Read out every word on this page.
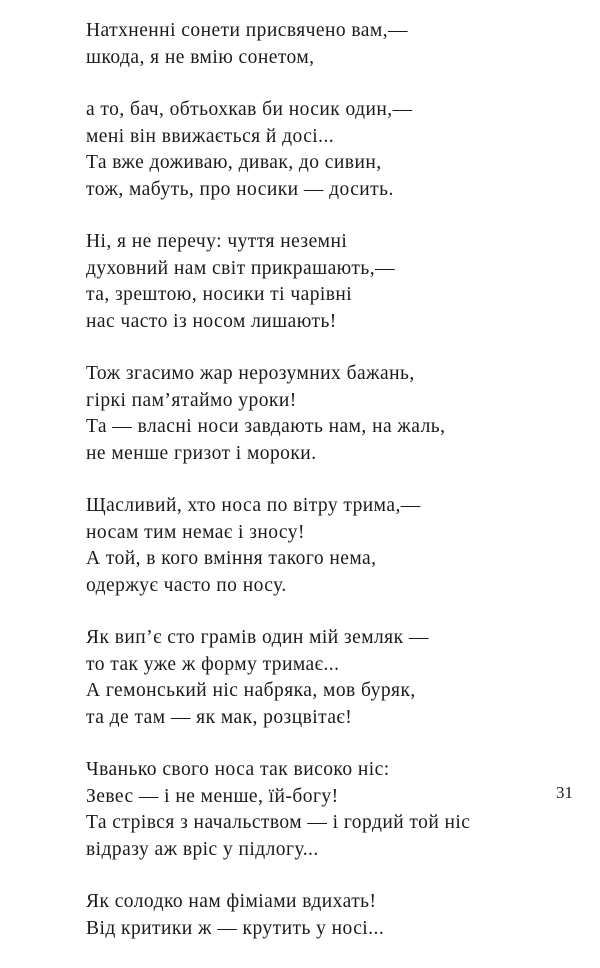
Натхненні сонети присвячено вам,—
шкода, я не вмію сонетом,
а то, бач, обтьохкав би носик один,—
мені він ввижається й досі...
Та вже доживаю, дивак, до сивин,
тож, мабуть, про носики — досить.
Ні, я не перечу: чуття неземні
духовний нам світ прикрашають,—
та, зрештою, носики ті чарівні
нас часто із носом лишають!
Тож згасимо жар нерозумних бажань,
гіркі пам’ятаймо уроки!
Та — власні носи завдають нам, на жаль,
не менше гризот і мороки.
Щасливий, хто носа по вітру трима,—
носам тим немає і зносу!
А той, в кого вміння такого нема,
одержує часто по носу.
Як вип’є сто грамів один мій земляк —
то так уже ж форму тримає...
А гемонський ніс набряка, мов буряк,
та де там — як мак, розцвітає!
Чванько свого носа так високо ніс:
Зевес — і не менше, їй-богу!
Та стрівся з начальством — і гордий той ніс
відразу аж вріс у підлогу...
Як солодко нам фіміами вдихать!
Від критики ж — крутить у носі...
31
